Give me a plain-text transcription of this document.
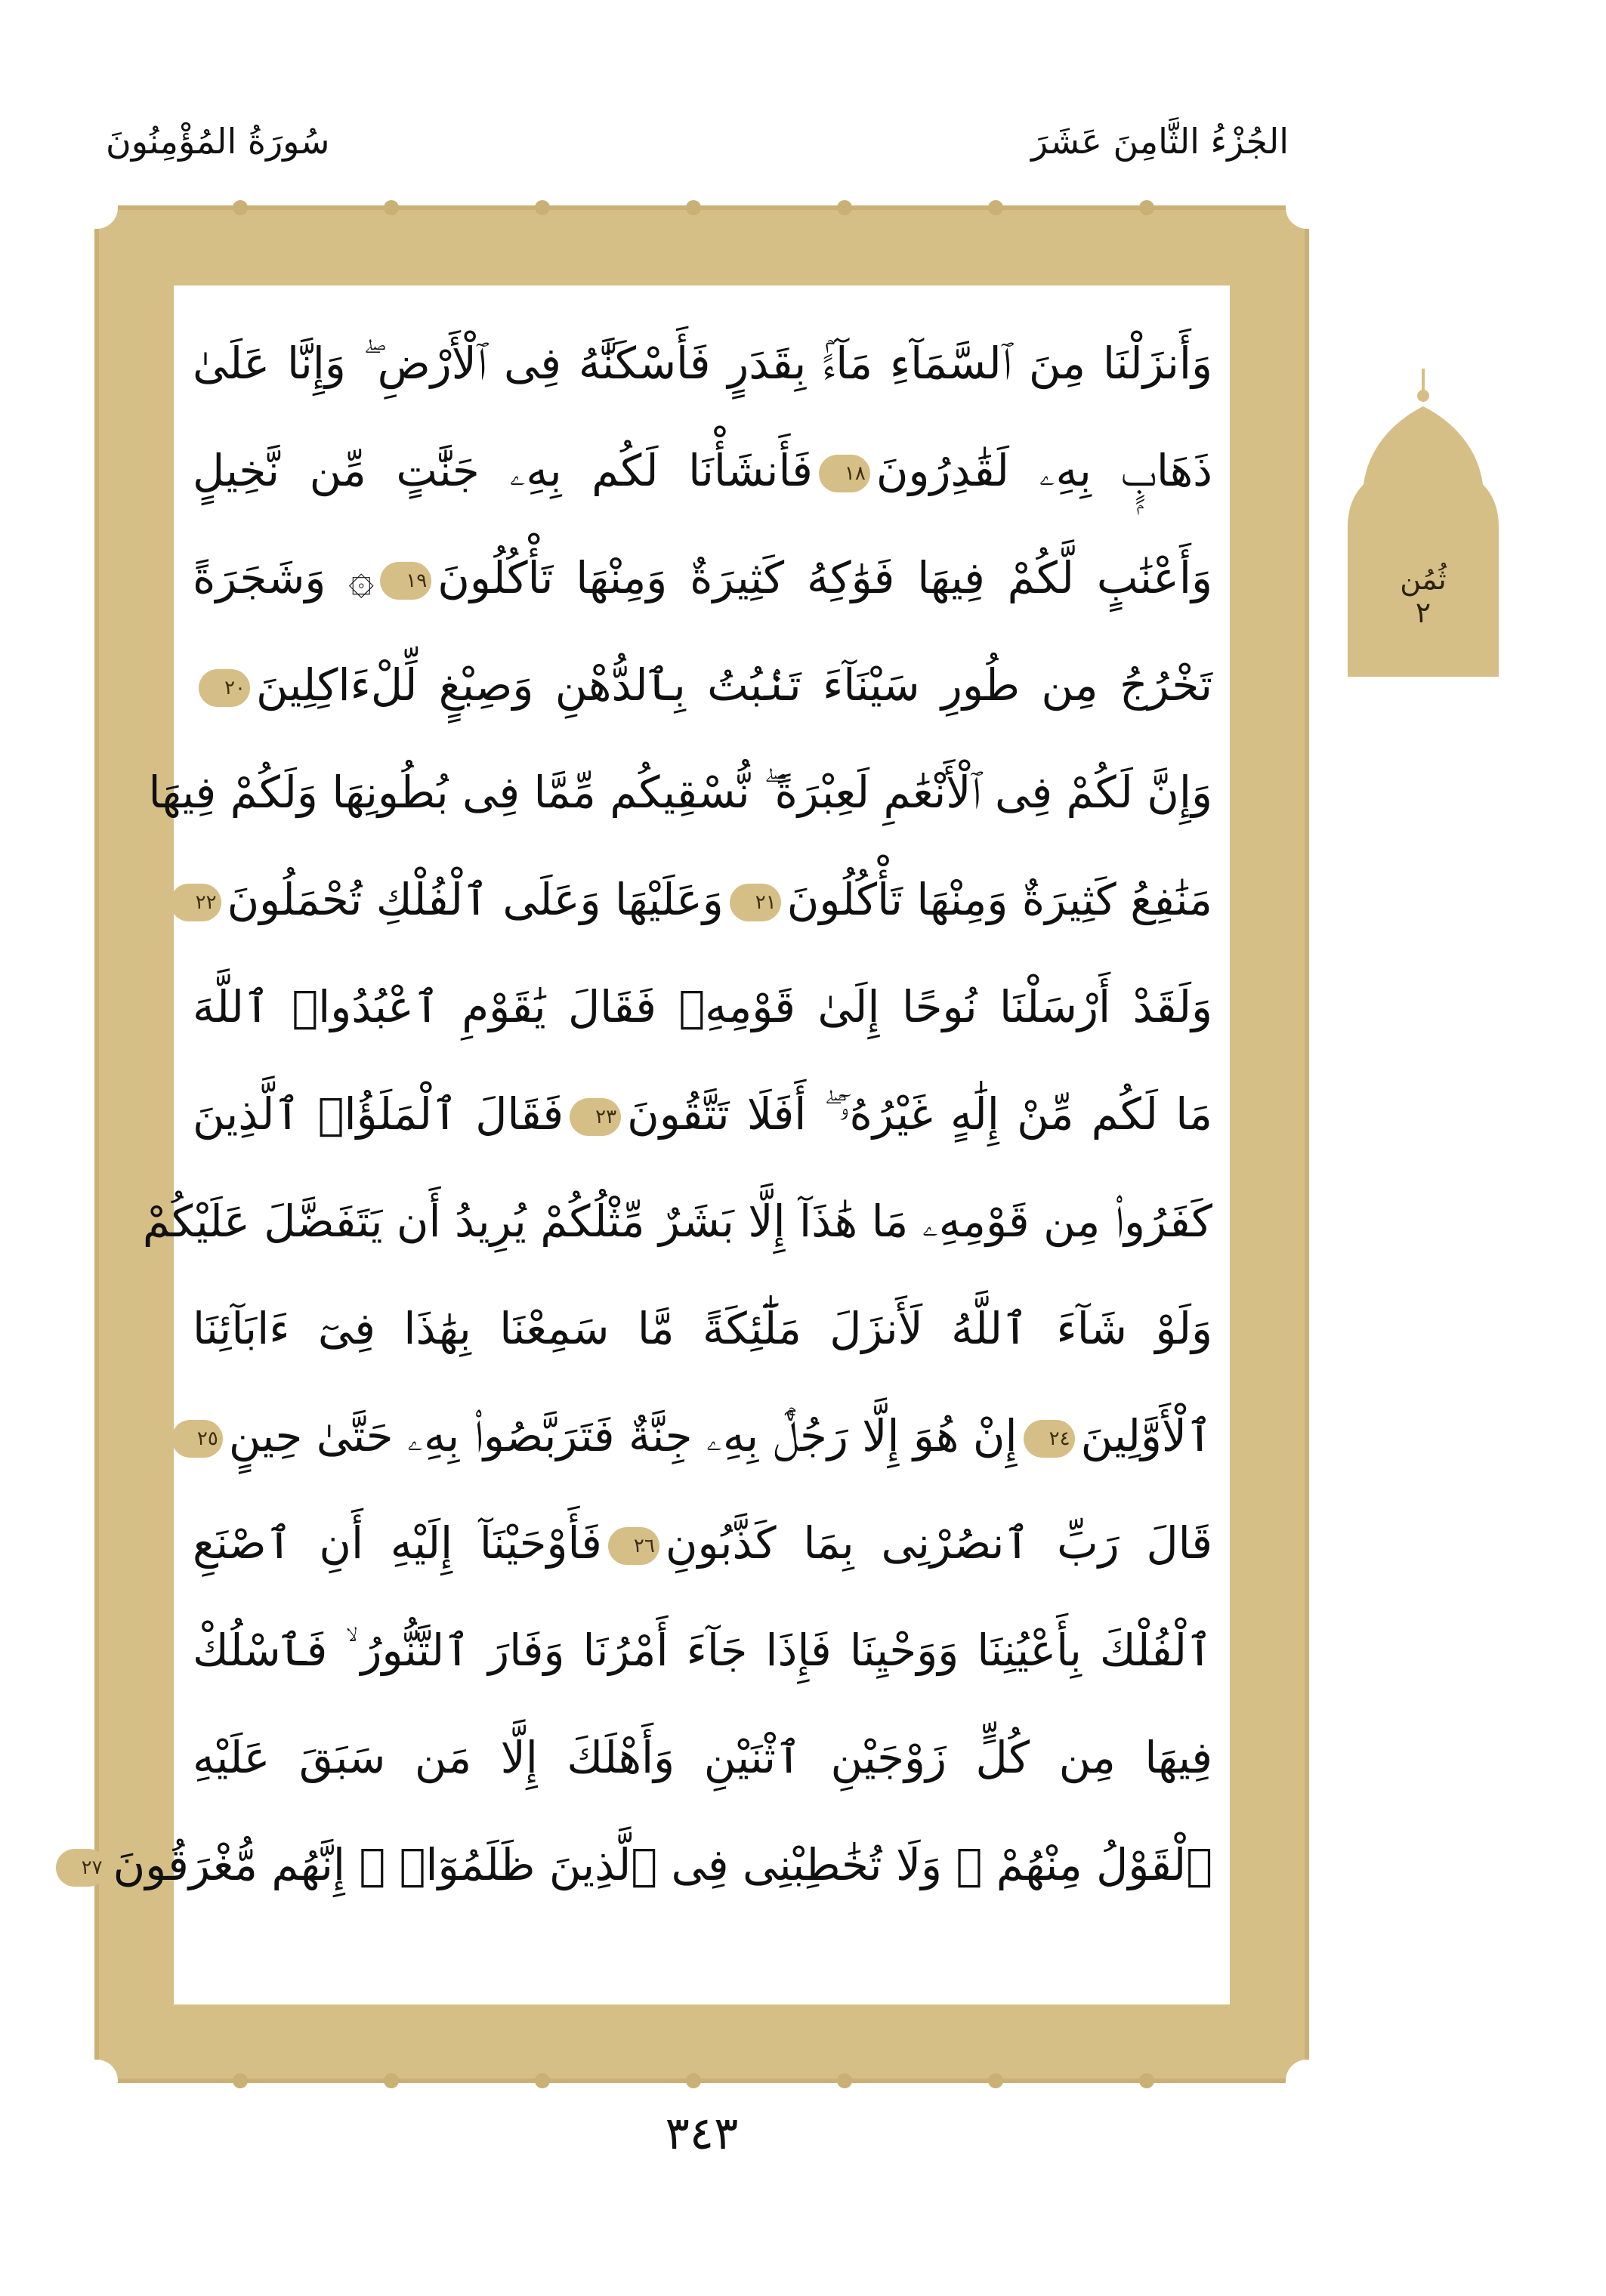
الجُزْءُ الثَّامِنَ عَشَرَ
سُورَةُ المُؤْمِنُونَ
وَأَنزَلْنَا مِنَ ٱلسَّمَآءِ مَآءًۢ بِقَدَرٍ فَأَسْكَنَّٰهُ فِى ٱلْأَرْضِ ۖ وَإِنَّا عَلَىٰ
ذَهَابٍۭ بِهِۦ لَقَٰدِرُونَ١٨فَأَنشَأْنَا لَكُم بِهِۦ جَنَّٰتٍ مِّن نَّخِيلٍ
وَأَعْنَٰبٍ لَّكُمْ فِيهَا فَوَٰكِهُ كَثِيرَةٌ وَمِنْهَا تَأْكُلُونَ١٩۞ وَشَجَرَةً
تَخْرُجُ مِن طُورِ سَيْنَآءَ تَنۢبُتُ بِٱلدُّهْنِ وَصِبْغٍ لِّلْءَاكِلِينَ٢٠
وَإِنَّ لَكُمْ فِى ٱلْأَنْعَٰمِ لَعِبْرَةً ۖ نُّسْقِيكُم مِّمَّا فِى بُطُونِهَا وَلَكُمْ فِيهَا
مَنَٰفِعُ كَثِيرَةٌ وَمِنْهَا تَأْكُلُونَ٢١وَعَلَيْهَا وَعَلَى ٱلْفُلْكِ تُحْمَلُونَ٢٢
وَلَقَدْ أَرْسَلْنَا نُوحًا إِلَىٰ قَوْمِهِۦ فَقَالَ يَٰقَوْمِ ٱعْبُدُوا۟ ٱللَّهَ
مَا لَكُم مِّنْ إِلَٰهٍ غَيْرُهُۥٓ ۖ أَفَلَا تَتَّقُونَ٢٣فَقَالَ ٱلْمَلَؤُا۟ ٱلَّذِينَ
كَفَرُوا۟ مِن قَوْمِهِۦ مَا هَٰذَآ إِلَّا بَشَرٌ مِّثْلُكُمْ يُرِيدُ أَن يَتَفَضَّلَ عَلَيْكُمْ
وَلَوْ شَآءَ ٱللَّهُ لَأَنزَلَ مَلَٰٓئِكَةً مَّا سَمِعْنَا بِهَٰذَا فِىٓ ءَابَآئِنَا
ٱلْأَوَّلِينَ٢٤إِنْ هُوَ إِلَّا رَجُلٌۢ بِهِۦ جِنَّةٌ فَتَرَبَّصُوا۟ بِهِۦ حَتَّىٰ حِينٍ٢٥
قَالَ رَبِّ ٱنصُرْنِى بِمَا كَذَّبُونِ٢٦فَأَوْحَيْنَآ إِلَيْهِ أَنِ ٱصْنَعِ
ٱلْفُلْكَ بِأَعْيُنِنَا وَوَحْيِنَا فَإِذَا جَآءَ أَمْرُنَا وَفَارَ ٱلتَّنُّورُ ۙ فَٱسْلُكْ
فِيهَا مِن كُلٍّ زَوْجَيْنِ ٱثْنَيْنِ وَأَهْلَكَ إِلَّا مَن سَبَقَ عَلَيْهِ
ٱلْقَوْلُ مِنْهُمْ ۖ وَلَا تُخَٰطِبْنِى فِى ٱلَّذِينَ ظَلَمُوٓا۟ ۖ إِنَّهُم مُّغْرَقُونَ٢٧
ثُمُن
٢
٣٤٣
